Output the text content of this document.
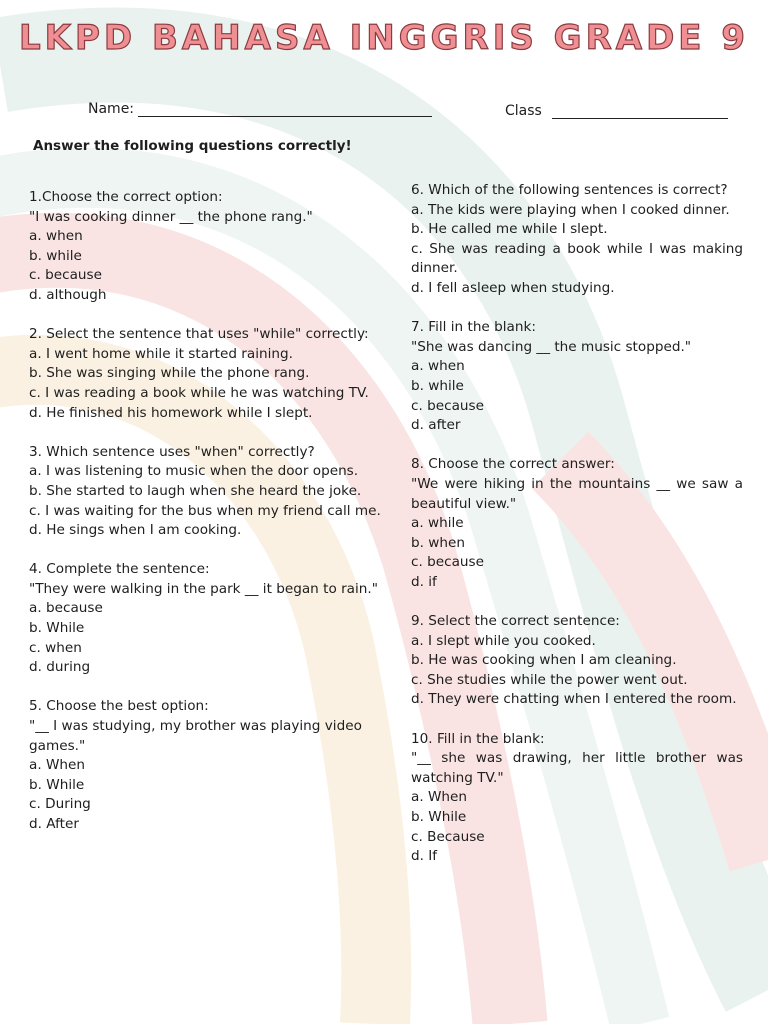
LKPD BAHASA INGGRIS GRADE 9
Name:	Class
Answer the following questions correctly!
1.Choose the correct option:
"I was cooking dinner __ the phone rang."
a. when
b. while
c. because
d. although
2. Select the sentence that uses "while" correctly:
a. I went home while it started raining.
b. She was singing while the phone rang.
c. I was reading a book while he was watching TV.
d. He finished his homework while I slept.
3. Which sentence uses "when" correctly?
a. I was listening to music when the door opens.
b. She started to laugh when she heard the joke.
c. I was waiting for the bus when my friend call me.
d. He sings when I am cooking.
4. Complete the sentence:
"They were walking in the park __ it began to rain."
a. because
b. While
c. when
d. during
5. Choose the best option:
"__ I was studying, my brother was playing video games."
a. When
b. While
c. During
d. After
6. Which of the following sentences is correct?
a. The kids were playing when I cooked dinner.
b. He called me while I slept.
c. She was reading a book while I was making dinner.
d. I fell asleep when studying.
7. Fill in the blank:
"She was dancing __ the music stopped."
a. when
b. while
c. because
d. after
8. Choose the correct answer:
"We were hiking in the mountains __ we saw a beautiful view."
a. while
b. when
c. because
d. if
9. Select the correct sentence:
a. I slept while you cooked.
b. He was cooking when I am cleaning.
c. She studies while the power went out.
d. They were chatting when I entered the room.
10. Fill in the blank:
"__ she was drawing, her little brother was watching TV."
a. When
b. While
c. Because
d. If
